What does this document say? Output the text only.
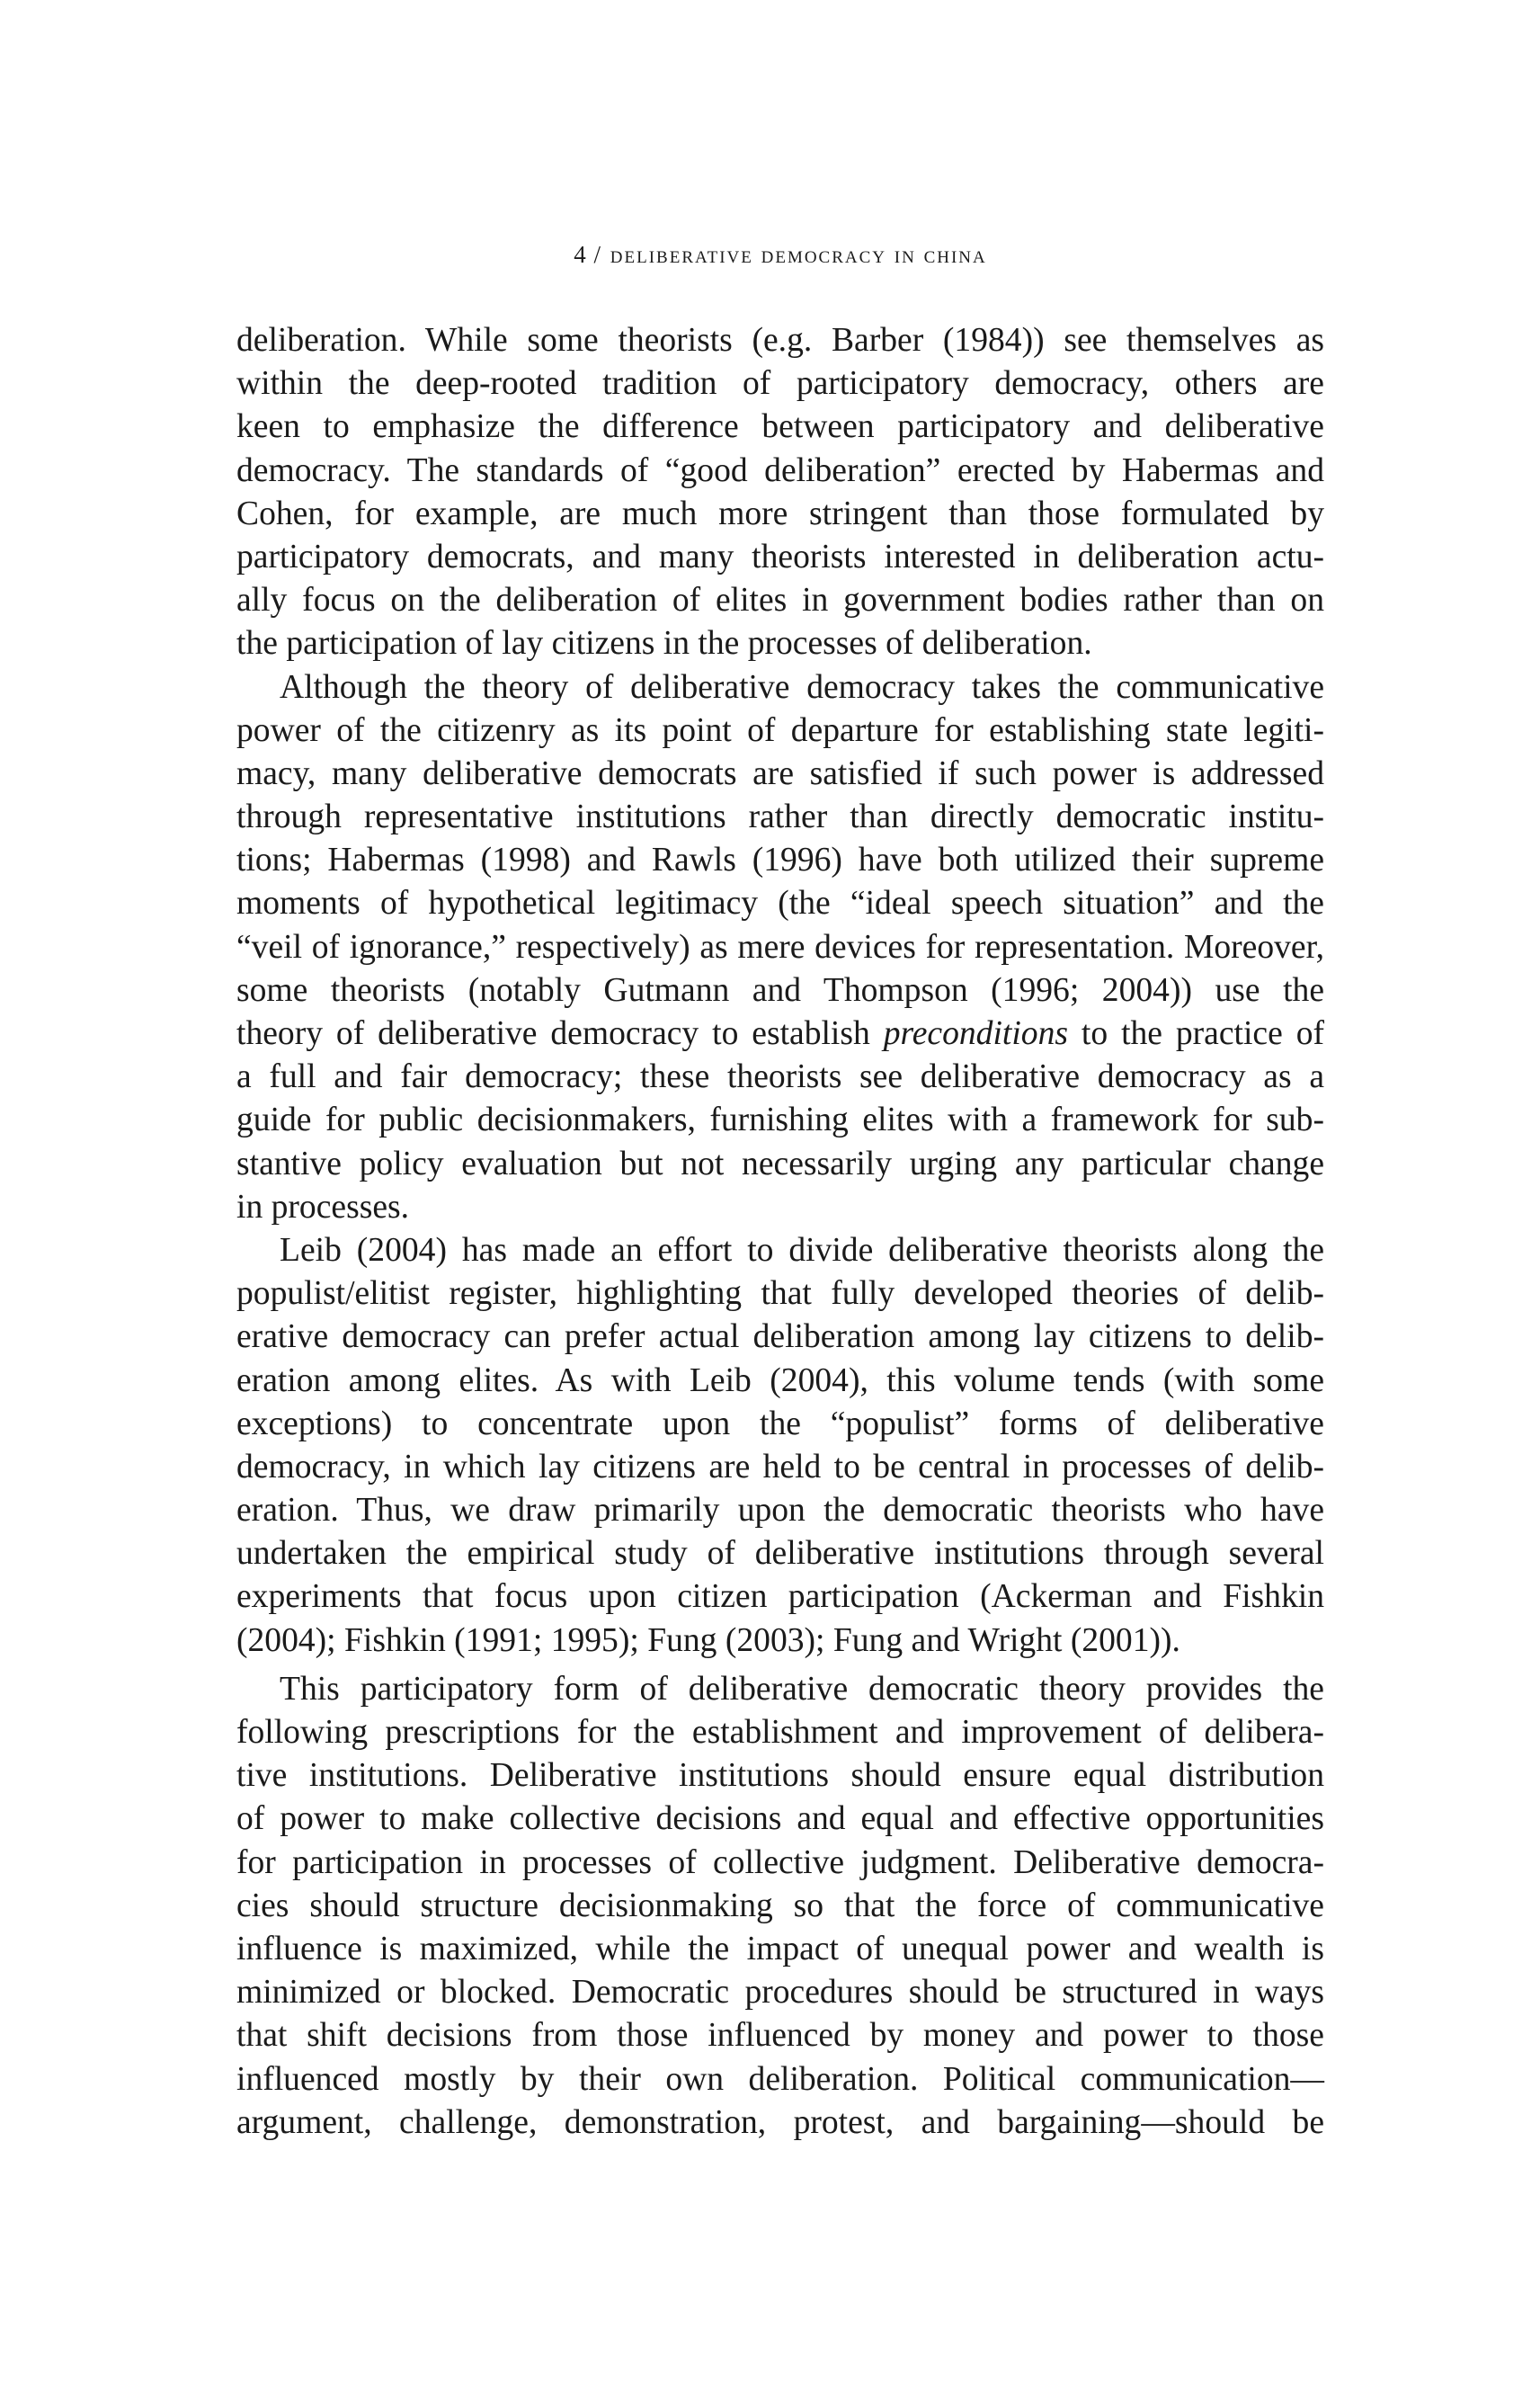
4 / deliberative democracy in china
deliberation. While some theorists (e.g. Barber (1984)) see themselves as
within the deep-rooted tradition of participatory democracy, others are
keen to emphasize the difference between participatory and deliberative
democracy. The standards of “good deliberation” erected by Habermas and
Cohen, for example, are much more stringent than those formulated by
participatory democrats, and many theorists interested in deliberation actu-
ally focus on the deliberation of elites in government bodies rather than on
the participation of lay citizens in the processes of deliberation.
Although the theory of deliberative democracy takes the communicative
power of the citizenry as its point of departure for establishing state legiti-
macy, many deliberative democrats are satisfied if such power is addressed
through representative institutions rather than directly democratic institu-
tions; Habermas (1998) and Rawls (1996) have both utilized their supreme
moments of hypothetical legitimacy (the “ideal speech situation” and the
“veil of ignorance,” respectively) as mere devices for representation. Moreover,
some theorists (notably Gutmann and Thompson (1996; 2004)) use the
theory of deliberative democracy to establish preconditions to the practice of
a full and fair democracy; these theorists see deliberative democracy as a
guide for public decisionmakers, furnishing elites with a framework for sub-
stantive policy evaluation but not necessarily urging any particular change
in processes.
Leib (2004) has made an effort to divide deliberative theorists along the
populist/elitist register, highlighting that fully developed theories of delib-
erative democracy can prefer actual deliberation among lay citizens to delib-
eration among elites. As with Leib (2004), this volume tends (with some
exceptions) to concentrate upon the “populist” forms of deliberative
democracy, in which lay citizens are held to be central in processes of delib-
eration. Thus, we draw primarily upon the democratic theorists who have
undertaken the empirical study of deliberative institutions through several
experiments that focus upon citizen participation (Ackerman and Fishkin
(2004); Fishkin (1991; 1995); Fung (2003); Fung and Wright (2001)).
This participatory form of deliberative democratic theory provides the
following prescriptions for the establishment and improvement of delibera-
tive institutions. Deliberative institutions should ensure equal distribution
of power to make collective decisions and equal and effective opportunities
for participation in processes of collective judgment. Deliberative democra-
cies should structure decisionmaking so that the force of communicative
influence is maximized, while the impact of unequal power and wealth is
minimized or blocked. Democratic procedures should be structured in ways
that shift decisions from those influenced by money and power to those
influenced mostly by their own deliberation. Political communication—
argument, challenge, demonstration, protest, and bargaining—should be
